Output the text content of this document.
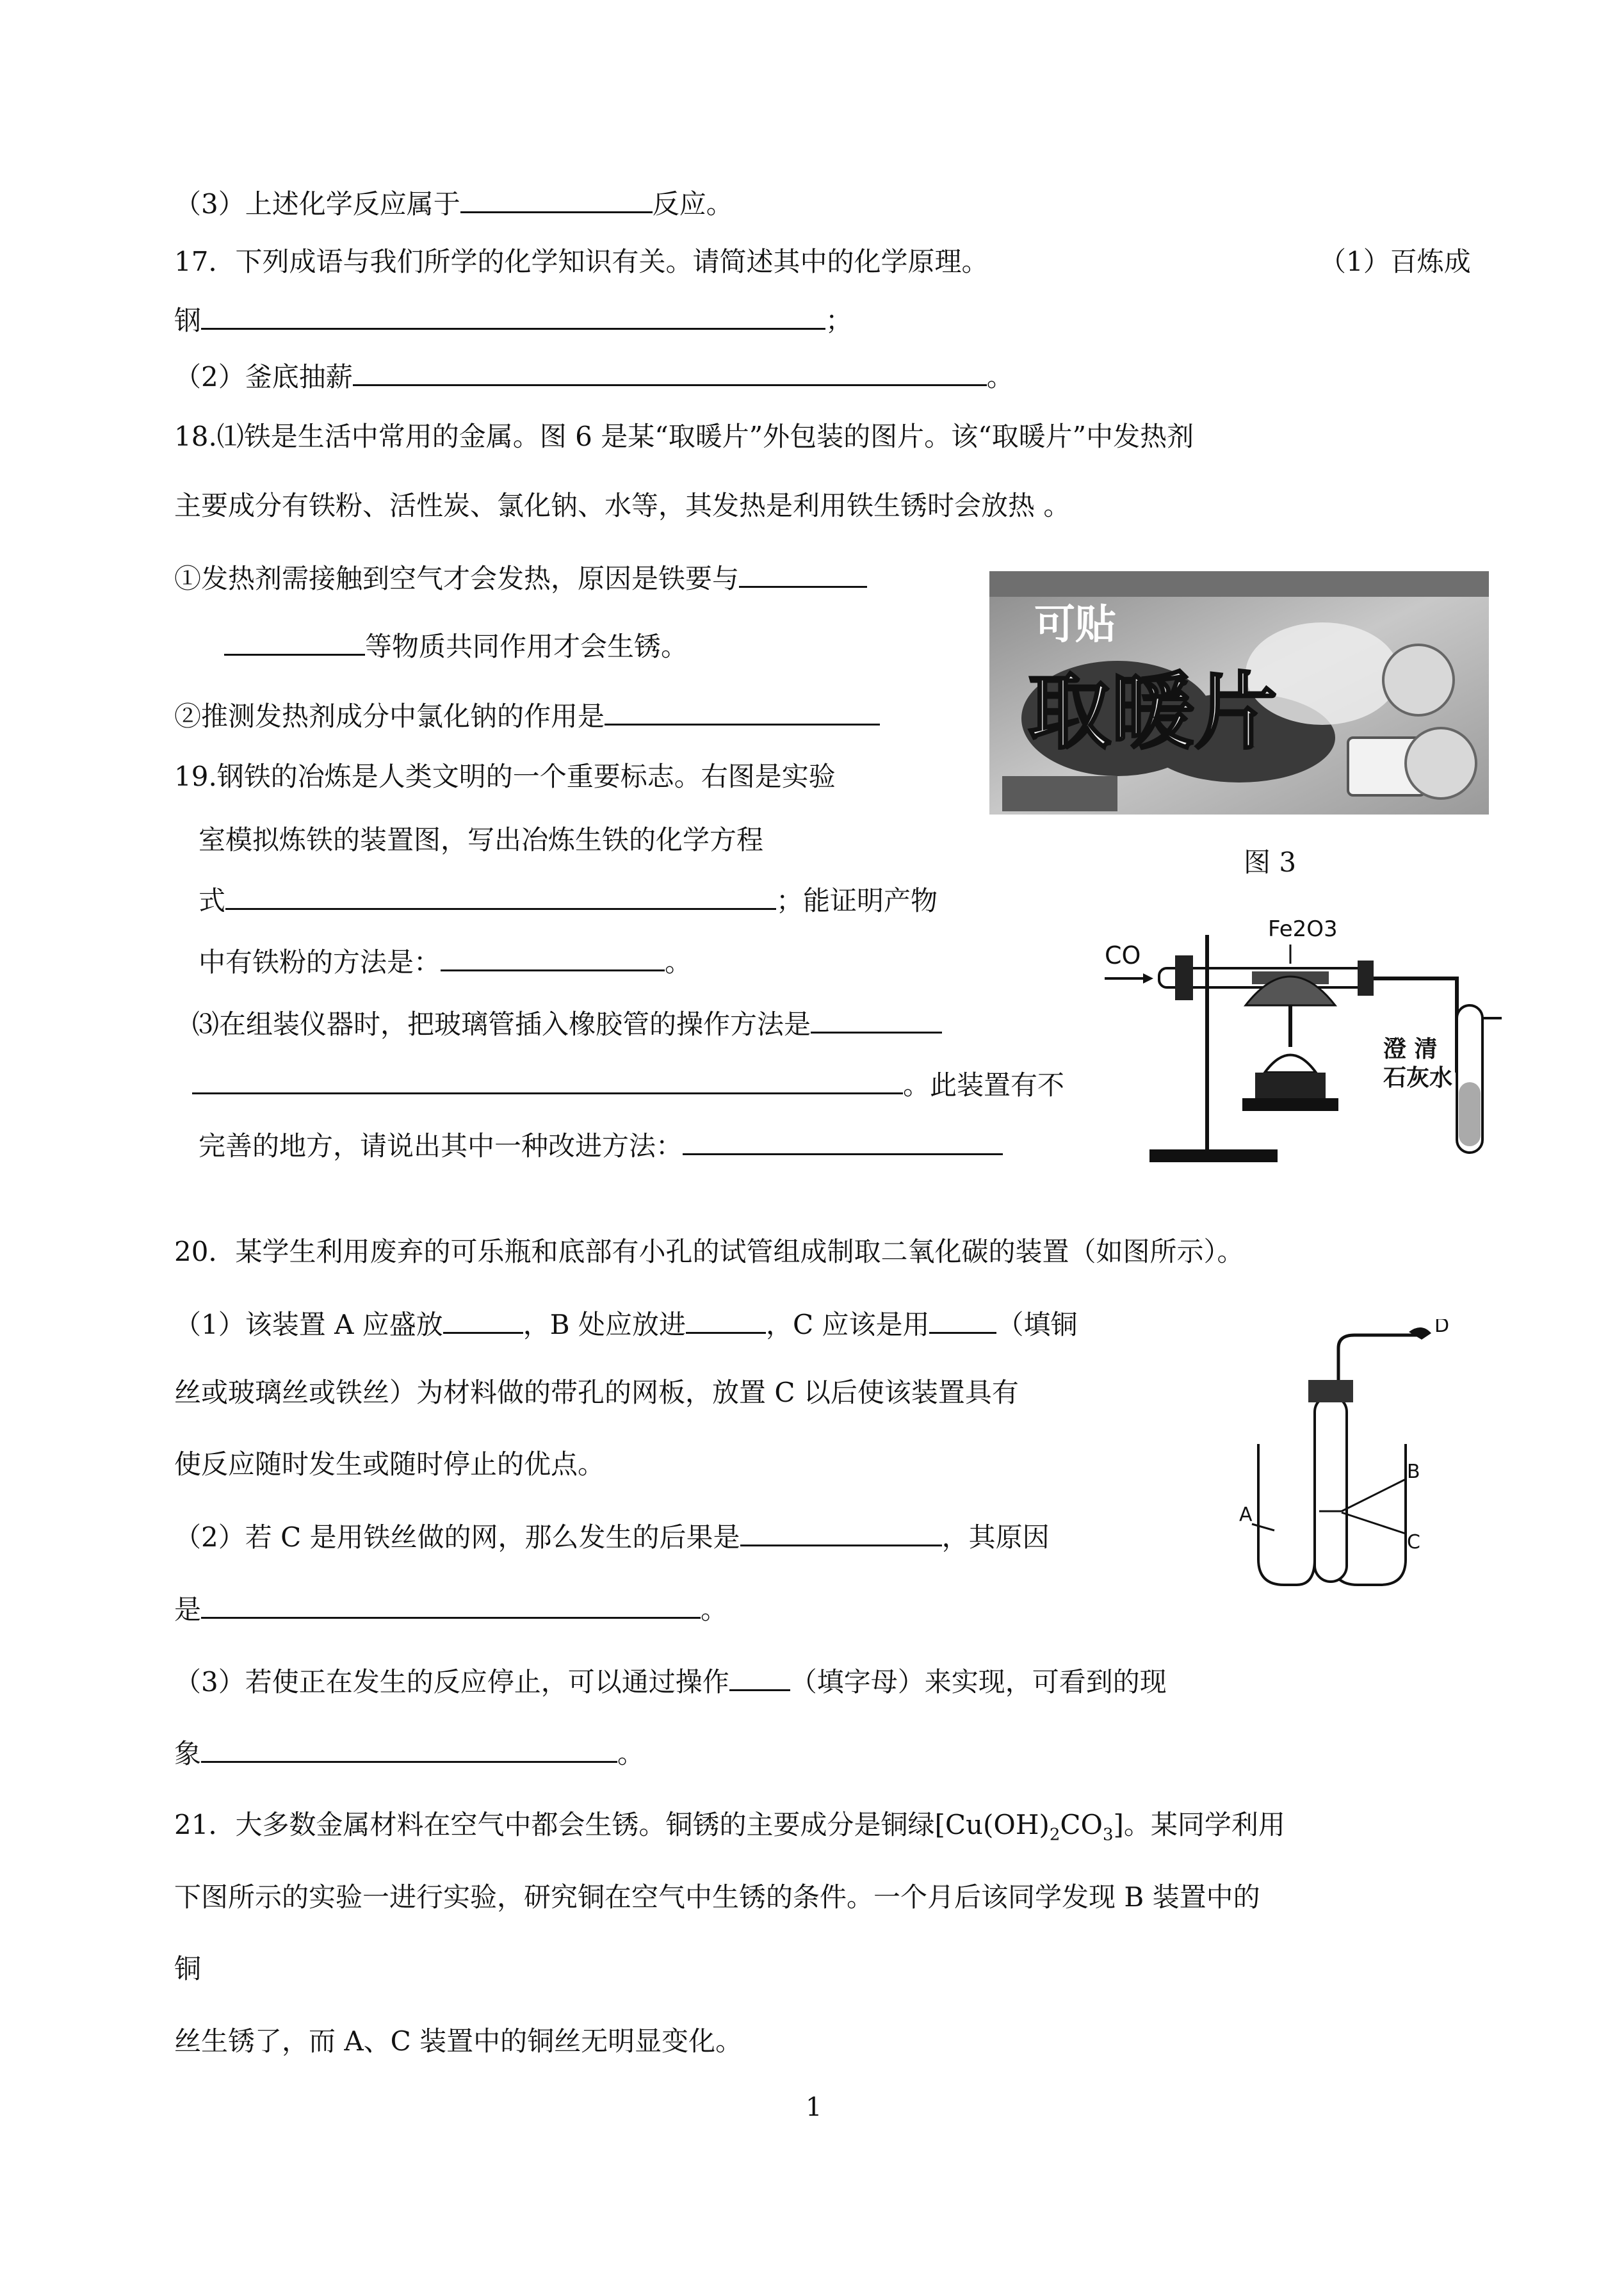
（3）上述化学反应属于	反应。
17．下列成语与我们所学的化学知识有关。请简述其中的化学原理。	（1）百炼成
钢	；
（2）釜底抽薪	。
18.⑴铁是生活中常用的金属。图 6 是某“取暖片”外包装的图片。该“取暖片”中发热剂
主要成分有铁粉、活性炭、氯化钠、水等，其发热是利用铁生锈时会放热 。
①发热剂需接触到空气才会发热，原因是铁要与
等物质共同作用才会生锈。
②推测发热剂成分中氯化钠的作用是
可贴
取暖片
图 3
19.钢铁的冶炼是人类文明的一个重要标志。右图是实验
室模拟炼铁的装置图，写出冶炼生铁的化学方程
式	；能证明产物
中有铁粉的方法是：	。
⑶在组装仪器时，把玻璃管插入橡胶管的操作方法是
。此装置有不
完善的地方，请说出其中一种改进方法：
CO
Fe2O3
澄 清
石灰水
20．某学生利用废弃的可乐瓶和底部有小孔的试管组成制取二氧化碳的装置（如图所示）。
（1）该装置 A 应盛放	，B 处应放进	，C 应该是用	（填铜
丝或玻璃丝或铁丝）为材料做的带孔的网板，放置 C 以后使该装置具有
使反应随时发生或随时停止的优点。
（2）若 C 是用铁丝做的网，那么发生的后果是	，其原因
是	。
（3）若使正在发生的反应停止，可以通过操作 （填字母）来实现，可看到的现
象	。
D
B
C
A
21．大多数金属材料在空气中都会生锈。铜锈的主要成分是铜绿$[Cu(OH)_2CO_3]$。某同学利用
下图所示的实验一进行实验，研究铜在空气中生锈的条件。一个月后该同学发现 B 装置中的
铜
丝生锈了，而 A、C 装置中的铜丝无明显变化。
1
